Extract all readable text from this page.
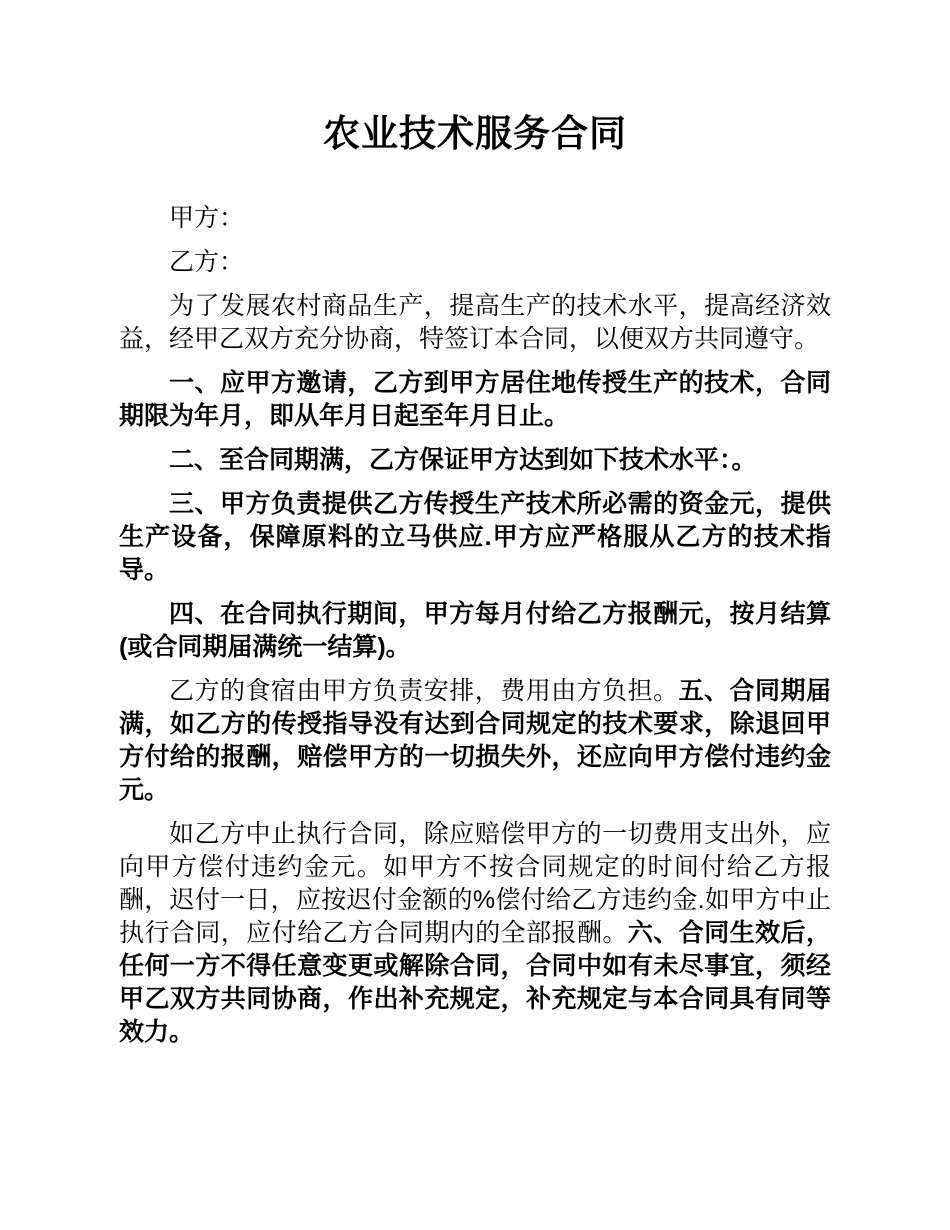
农业技术服务合同

甲方：

乙方：

为了发展农村商品生产，提高生产的技术水平，提高经济效益，经甲乙双方充分协商，特签订本合同，以便双方共同遵守。

一、应甲方邀请，乙方到甲方居住地传授生产的技术，合同期限为年月，即从年月日起至年月日止。

二、至合同期满，乙方保证甲方达到如下技术水平：。

三、甲方负责提供乙方传授生产技术所必需的资金元，提供生产设备，保障原料的立马供应.甲方应严格服从乙方的技术指导。

四、在合同执行期间，甲方每月付给乙方报酬元，按月结算(或合同期届满统一结算)。

乙方的食宿由甲方负责安排，费用由方负担。五、合同期届满，如乙方的传授指导没有达到合同规定的技术要求，除退回甲方付给的报酬，赔偿甲方的一切损失外，还应向甲方偿付违约金元。

如乙方中止执行合同，除应赔偿甲方的一切费用支出外，应向甲方偿付违约金元。如甲方不按合同规定的时间付给乙方报酬，迟付一日，应按迟付金额的%偿付给乙方违约金.如甲方中止执行合同，应付给乙方合同期内的全部报酬。六、合同生效后，任何一方不得任意变更或解除合同，合同中如有未尽事宜，须经甲乙双方共同协商，作出补充规定，补充规定与本合同具有同等效力。
